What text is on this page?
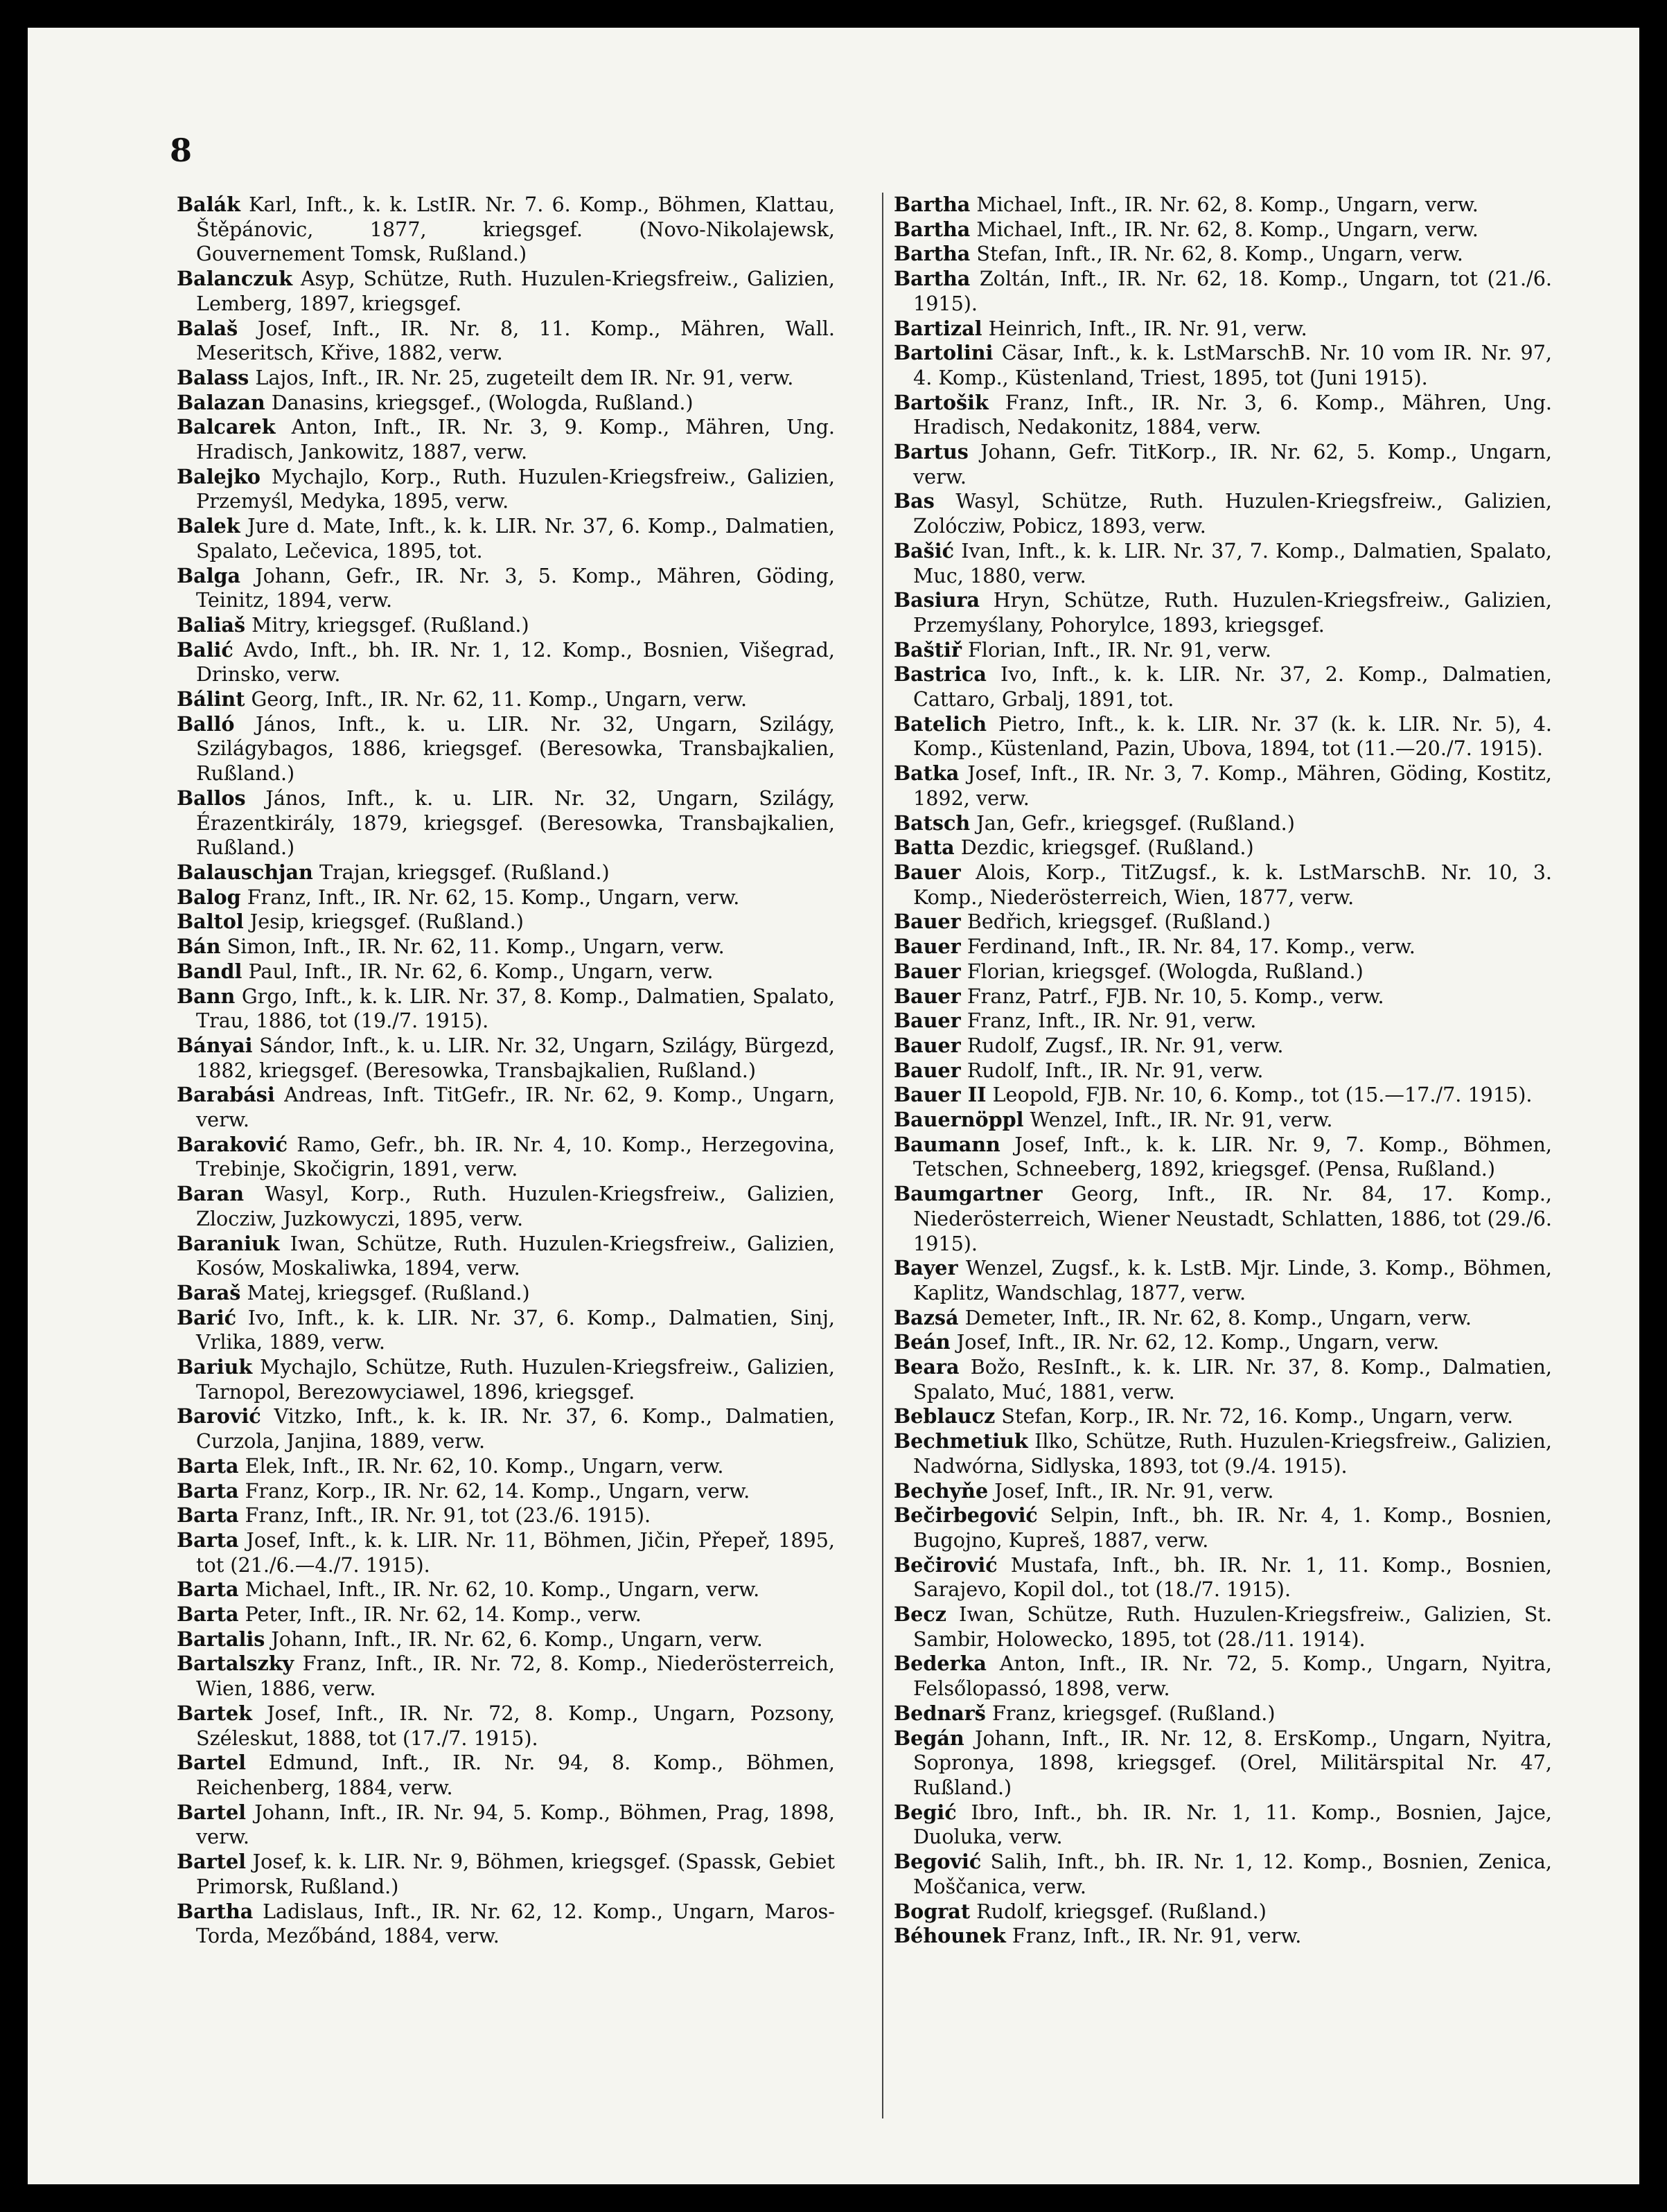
8

Balák Karl, Inft., k. k. LstIR. Nr. 7. 6. Komp., Böhmen, Klattau, Štěpánovic, 1877, kriegsgef. (Novo-Nikolajewsk, Gouvernement Tomsk, Rußland.)

Balanczuk Asyp, Schütze, Ruth. Huzulen-Kriegsfreiw., Galizien, Lemberg, 1897, kriegsgef.

Balaš Josef, Inft., IR. Nr. 8, 11. Komp., Mähren, Wall. Meseritsch, Křive, 1882, verw.

Balass Lajos, Inft., IR. Nr. 25, zugeteilt dem IR. Nr. 91, verw.

Balazan Danasins, kriegsgef., (Wologda, Rußland.)

Balcarek Anton, Inft., IR. Nr. 3, 9. Komp., Mähren, Ung. Hradisch, Jankowitz, 1887, verw.

Balejko Mychajlo, Korp., Ruth. Huzulen-Kriegsfreiw., Galizien, Przemyśl, Medyka, 1895, verw.

Balek Jure d. Mate, Inft., k. k. LIR. Nr. 37, 6. Komp., Dalmatien, Spalato, Lečevica, 1895, tot.

Balga Johann, Gefr., IR. Nr. 3, 5. Komp., Mähren, Göding, Teinitz, 1894, verw.

Baliaš Mitry, kriegsgef. (Rußland.)

Balić Avdo, Inft., bh. IR. Nr. 1, 12. Komp., Bosnien, Višegrad, Drinsko, verw.

Bálint Georg, Inft., IR. Nr. 62, 11. Komp., Ungarn, verw.

Balló János, Inft., k. u. LIR. Nr. 32, Ungarn, Szilágy, Szilágybagos, 1886, kriegsgef. (Beresowka, Transbajkalien, Rußland.)

Ballos János, Inft., k. u. LIR. Nr. 32, Ungarn, Szilágy, Érazentkirály, 1879, kriegsgef. (Beresowka, Transbajkalien, Rußland.)

Balauschjan Trajan, kriegsgef. (Rußland.)

Balog Franz, Inft., IR. Nr. 62, 15. Komp., Ungarn, verw.

Baltol Jesip, kriegsgef. (Rußland.)

Bán Simon, Inft., IR. Nr. 62, 11. Komp., Ungarn, verw.

Bandl Paul, Inft., IR. Nr. 62, 6. Komp., Ungarn, verw.

Bann Grgo, Inft., k. k. LIR. Nr. 37, 8. Komp., Dalmatien, Spalato, Trau, 1886, tot (19./7. 1915).

Bányai Sándor, Inft., k. u. LIR. Nr. 32, Ungarn, Szilágy, Bürgezd, 1882, kriegsgef. (Beresowka, Transbajkalien, Rußland.)

Barabási Andreas, Inft. TitGefr., IR. Nr. 62, 9. Komp., Ungarn, verw.

Baraković Ramo, Gefr., bh. IR. Nr. 4, 10. Komp., Herzegovina, Trebinje, Skočigrin, 1891, verw.

Baran Wasyl, Korp., Ruth. Huzulen-Kriegsfreiw., Galizien, Zlocziw, Juzkowyczi, 1895, verw.

Baraniuk Iwan, Schütze, Ruth. Huzulen-Kriegsfreiw., Galizien, Kosów, Moskaliwka, 1894, verw.

Baraš Matej, kriegsgef. (Rußland.)

Barić Ivo, Inft., k. k. LIR. Nr. 37, 6. Komp., Dalmatien, Sinj, Vrlika, 1889, verw.

Bariuk Mychajlo, Schütze, Ruth. Huzulen-Kriegsfreiw., Galizien, Tarnopol, Berezowyciawel, 1896, kriegsgef.

Barović Vitzko, Inft., k. k. IR. Nr. 37, 6. Komp., Dalmatien, Curzola, Janjina, 1889, verw.

Barta Elek, Inft., IR. Nr. 62, 10. Komp., Ungarn, verw.

Barta Franz, Korp., IR. Nr. 62, 14. Komp., Ungarn, verw.

Barta Franz, Inft., IR. Nr. 91, tot (23./6. 1915).

Barta Josef, Inft., k. k. LIR. Nr. 11, Böhmen, Jičin, Přepeř, 1895, tot (21./6.—4./7. 1915).

Barta Michael, Inft., IR. Nr. 62, 10. Komp., Ungarn, verw.

Barta Peter, Inft., IR. Nr. 62, 14. Komp., verw.

Bartalis Johann, Inft., IR. Nr. 62, 6. Komp., Ungarn, verw.

Bartalszky Franz, Inft., IR. Nr. 72, 8. Komp., Niederösterreich, Wien, 1886, verw.

Bartek Josef, Inft., IR. Nr. 72, 8. Komp., Ungarn, Pozsony, Széleskut, 1888, tot (17./7. 1915).

Bartel Edmund, Inft., IR. Nr. 94, 8. Komp., Böhmen, Reichenberg, 1884, verw.

Bartel Johann, Inft., IR. Nr. 94, 5. Komp., Böhmen, Prag, 1898, verw.

Bartel Josef, k. k. LIR. Nr. 9, Böhmen, kriegsgef. (Spassk, Gebiet Primorsk, Rußland.)

Bartha Ladislaus, Inft., IR. Nr. 62, 12. Komp., Ungarn, Maros-Torda, Mezőbánd, 1884, verw.

Bartha Michael, Inft., IR. Nr. 62, 8. Komp., Ungarn, verw.

Bartha Michael, Inft., IR. Nr. 62, 8. Komp., Ungarn, verw.

Bartha Stefan, Inft., IR. Nr. 62, 8. Komp., Ungarn, verw.

Bartha Zoltán, Inft., IR. Nr. 62, 18. Komp., Ungarn, tot (21./6. 1915).

Bartizal Heinrich, Inft., IR. Nr. 91, verw.

Bartolini Cäsar, Inft., k. k. LstMarschB. Nr. 10 vom IR. Nr. 97, 4. Komp., Küstenland, Triest, 1895, tot (Juni 1915).

Bartošik Franz, Inft., IR. Nr. 3, 6. Komp., Mähren, Ung. Hradisch, Nedakonitz, 1884, verw.

Bartus Johann, Gefr. TitKorp., IR. Nr. 62, 5. Komp., Ungarn, verw.

Bas Wasyl, Schütze, Ruth. Huzulen-Kriegsfreiw., Galizien, Zolócziw, Pobicz, 1893, verw.

Bašić Ivan, Inft., k. k. LIR. Nr. 37, 7. Komp., Dalmatien, Spalato, Muc, 1880, verw.

Basiura Hryn, Schütze, Ruth. Huzulen-Kriegsfreiw., Galizien, Przemyślany, Pohorylce, 1893, kriegsgef.

Baštiř Florian, Inft., IR. Nr. 91, verw.

Bastrica Ivo, Inft., k. k. LIR. Nr. 37, 2. Komp., Dalmatien, Cattaro, Grbalj, 1891, tot.

Batelich Pietro, Inft., k. k. LIR. Nr. 37 (k. k. LIR. Nr. 5), 4. Komp., Küstenland, Pazin, Ubova, 1894, tot (11.—20./7. 1915).

Batka Josef, Inft., IR. Nr. 3, 7. Komp., Mähren, Göding, Kostitz, 1892, verw.

Batsch Jan, Gefr., kriegsgef. (Rußland.)

Batta Dezdic, kriegsgef. (Rußland.)

Bauer Alois, Korp., TitZugsf., k. k. LstMarschB. Nr. 10, 3. Komp., Niederösterreich, Wien, 1877, verw.

Bauer Bedřich, kriegsgef. (Rußland.)

Bauer Ferdinand, Inft., IR. Nr. 84, 17. Komp., verw.

Bauer Florian, kriegsgef. (Wologda, Rußland.)

Bauer Franz, Patrf., FJB. Nr. 10, 5. Komp., verw.

Bauer Franz, Inft., IR. Nr. 91, verw.

Bauer Rudolf, Zugsf., IR. Nr. 91, verw.

Bauer Rudolf, Inft., IR. Nr. 91, verw.

Bauer II Leopold, FJB. Nr. 10, 6. Komp., tot (15.—17./7. 1915).

Bauernöppl Wenzel, Inft., IR. Nr. 91, verw.

Baumann Josef, Inft., k. k. LIR. Nr. 9, 7. Komp., Böhmen, Tetschen, Schneeberg, 1892, kriegsgef. (Pensa, Rußland.)

Baumgartner Georg, Inft., IR. Nr. 84, 17. Komp., Niederösterreich, Wiener Neustadt, Schlatten, 1886, tot (29./6. 1915).

Bayer Wenzel, Zugsf., k. k. LstB. Mjr. Linde, 3. Komp., Böhmen, Kaplitz, Wandschlag, 1877, verw.

Bazsá Demeter, Inft., IR. Nr. 62, 8. Komp., Ungarn, verw.

Beán Josef, Inft., IR. Nr. 62, 12. Komp., Ungarn, verw.

Beara Božo, ResInft., k. k. LIR. Nr. 37, 8. Komp., Dalmatien, Spalato, Muć, 1881, verw.

Beblaucz Stefan, Korp., IR. Nr. 72, 16. Komp., Ungarn, verw.

Bechmetiuk Ilko, Schütze, Ruth. Huzulen-Kriegsfreiw., Galizien, Nadwórna, Sidlyska, 1893, tot (9./4. 1915).

Bechyňe Josef, Inft., IR. Nr. 91, verw.

Bečirbegović Selpin, Inft., bh. IR. Nr. 4, 1. Komp., Bosnien, Bugojno, Kupreš, 1887, verw.

Bečirović Mustafa, Inft., bh. IR. Nr. 1, 11. Komp., Bosnien, Sarajevo, Kopil dol., tot (18./7. 1915).

Becz Iwan, Schütze, Ruth. Huzulen-Kriegsfreiw., Galizien, St. Sambir, Holowecko, 1895, tot (28./11. 1914).

Bederka Anton, Inft., IR. Nr. 72, 5. Komp., Ungarn, Nyitra, Felsőlopassó, 1898, verw.

Bednarš Franz, kriegsgef. (Rußland.)

Begán Johann, Inft., IR. Nr. 12, 8. ErsKomp., Ungarn, Nyitra, Sopronya, 1898, kriegsgef. (Orel, Militärspital Nr. 47, Rußland.)

Begić Ibro, Inft., bh. IR. Nr. 1, 11. Komp., Bosnien, Jajce, Duoluka, verw.

Begović Salih, Inft., bh. IR. Nr. 1, 12. Komp., Bosnien, Zenica, Moščanica, verw.

Bograt Rudolf, kriegsgef. (Rußland.)

Béhounek Franz, Inft., IR. Nr. 91, verw.
